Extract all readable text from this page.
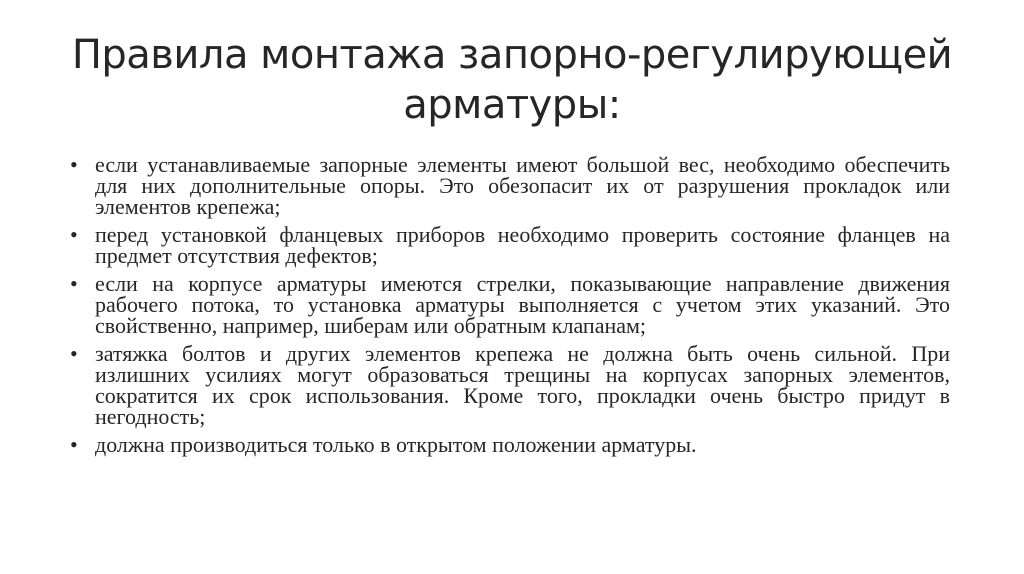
Правила монтажа запорно-регулирующей арматуры:
• если устанавливаемые запорные элементы имеют большой вес, необходимо обеспечить для них дополнительные опоры. Это обезопасит их от разрушения прокладок или элементов крепежа;
• перед установкой фланцевых приборов необходимо проверить состояние фланцев на предмет отсутствия дефектов;
• если на корпусе арматуры имеются стрелки, показывающие направление движения рабочего потока, то установка арматуры выполняется с учетом этих указаний. Это свойственно, например, шиберам или обратным клапанам;
• затяжка болтов и других элементов крепежа не должна быть очень сильной. При излишних усилиях могут образоваться трещины на корпусах запорных элементов, сократится их срок использования. Кроме того, прокладки очень быстро придут в негодность;
• должна производиться только в открытом положении арматуры.
